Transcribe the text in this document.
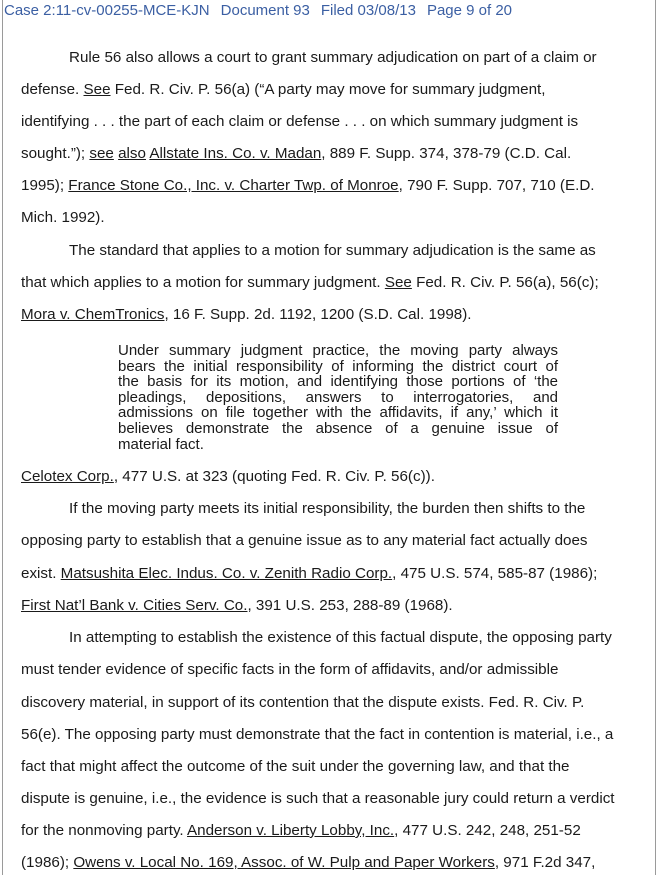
Case 2:11-cv-00255-MCE-KJN Document 93 Filed 03/08/13 Page 9 of 20
Rule 56 also allows a court to grant summary adjudication on part of a claim or
defense. See Fed. R. Civ. P. 56(a) (“A party may move for summary judgment,
identifying . . . the part of each claim or defense . . . on which summary judgment is
sought.”); see also Allstate Ins. Co. v. Madan, 889 F. Supp. 374, 378-79 (C.D. Cal.
1995); France Stone Co., Inc. v. Charter Twp. of Monroe, 790 F. Supp. 707, 710 (E.D.
Mich. 1992).
The standard that applies to a motion for summary adjudication is the same as
that which applies to a motion for summary judgment. See Fed. R. Civ. P. 56(a), 56(c);
Mora v. ChemTronics, 16 F. Supp. 2d. 1192, 1200 (S.D. Cal. 1998).
Under summary judgment practice, the moving party always
bears the initial responsibility of informing the district court of
the basis for its motion, and identifying those portions of ‘the
pleadings, depositions, answers to interrogatories, and
admissions on file together with the affidavits, if any,’ which it
believes demonstrate the absence of a genuine issue of
material fact.
Celotex Corp., 477 U.S. at 323 (quoting Fed. R. Civ. P. 56(c)).
If the moving party meets its initial responsibility, the burden then shifts to the
opposing party to establish that a genuine issue as to any material fact actually does
exist. Matsushita Elec. Indus. Co. v. Zenith Radio Corp., 475 U.S. 574, 585-87 (1986);
First Nat’l Bank v. Cities Serv. Co., 391 U.S. 253, 288-89 (1968).
In attempting to establish the existence of this factual dispute, the opposing party
must tender evidence of specific facts in the form of affidavits, and/or admissible
discovery material, in support of its contention that the dispute exists. Fed. R. Civ. P.
56(e). The opposing party must demonstrate that the fact in contention is material, i.e., a
fact that might affect the outcome of the suit under the governing law, and that the
dispute is genuine, i.e., the evidence is such that a reasonable jury could return a verdict
for the nonmoving party. Anderson v. Liberty Lobby, Inc., 477 U.S. 242, 248, 251-52
(1986); Owens v. Local No. 169, Assoc. of W. Pulp and Paper Workers, 971 F.2d 347,
